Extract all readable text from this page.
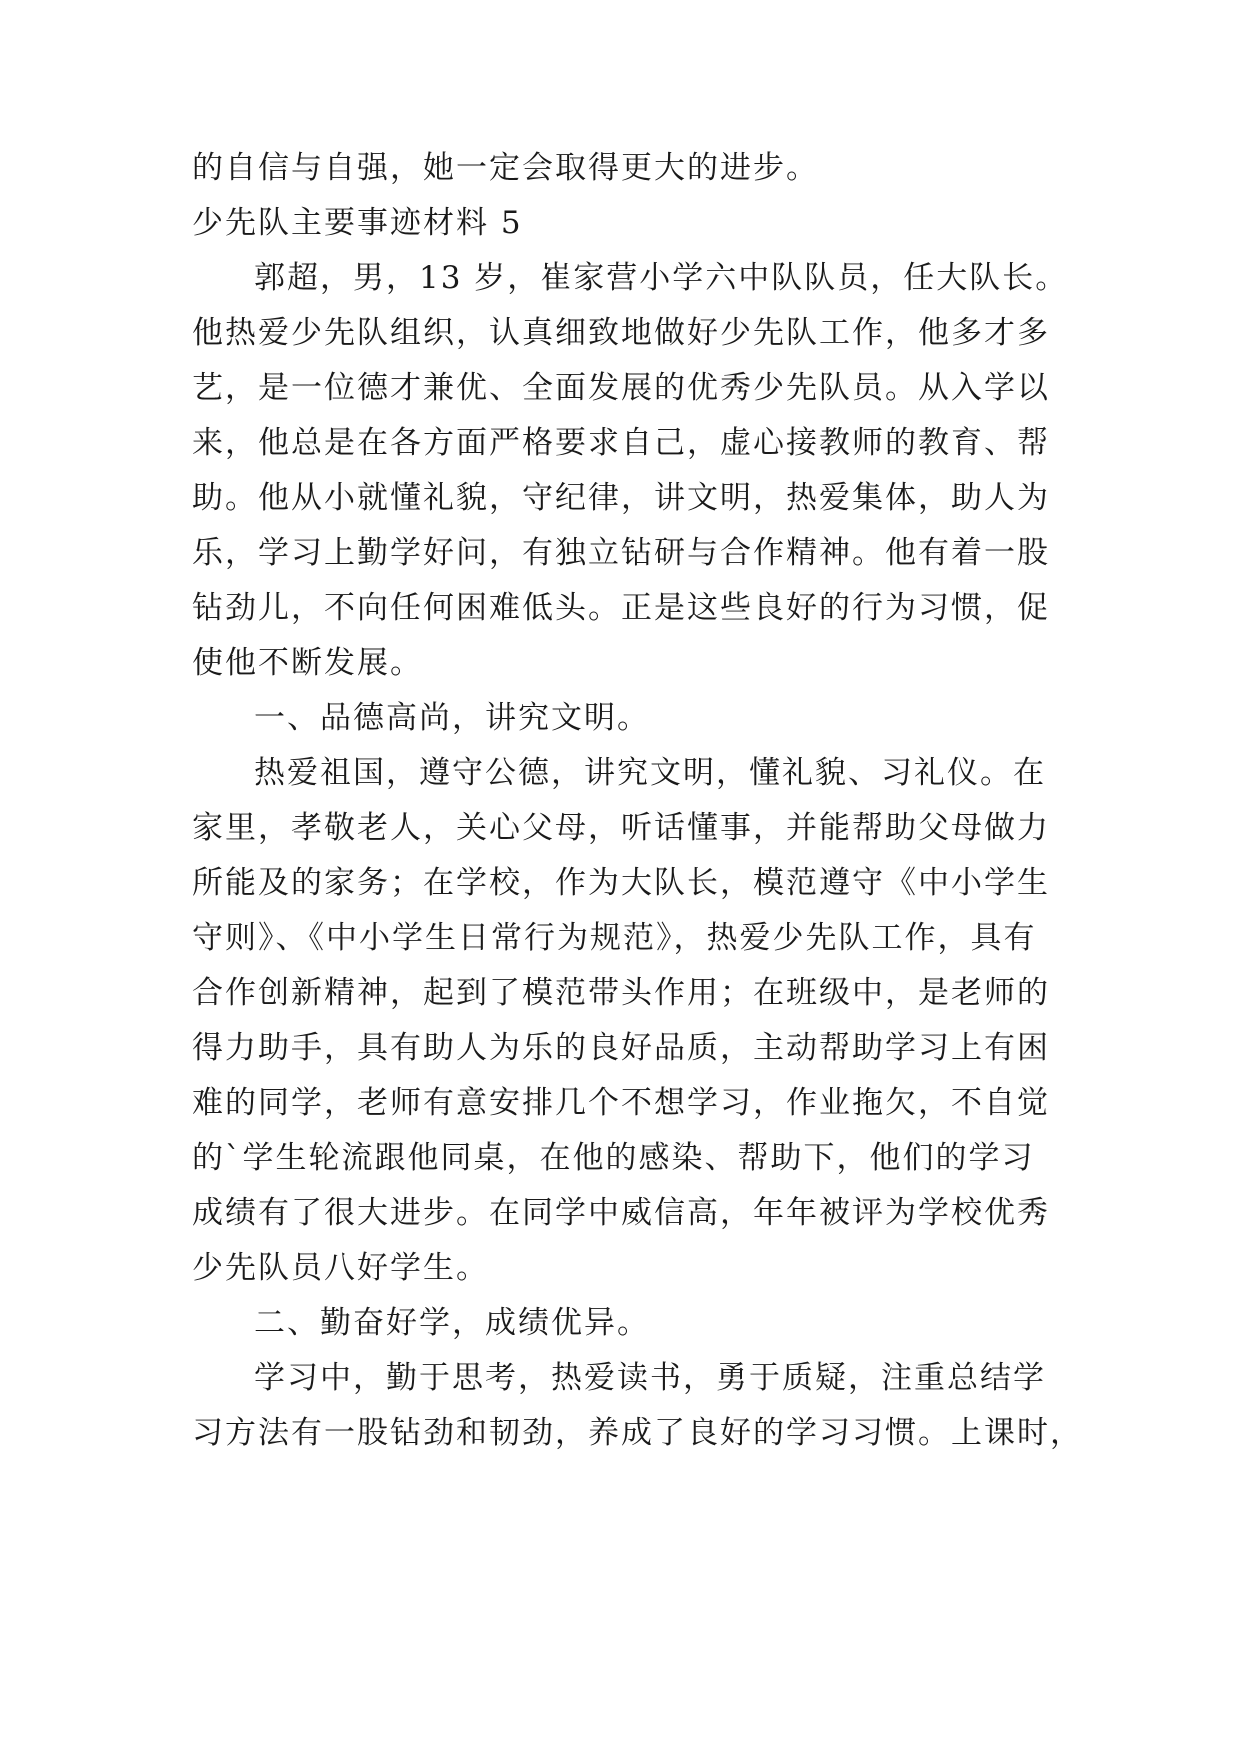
的自信与自强，她一定会取得更大的进步。
少先队主要事迹材料 5
郭超，男，13 岁，崔家营小学六中队队员，任大队长。
他热爱少先队组织，认真细致地做好少先队工作，他多才多
艺，是一位德才兼优、全面发展的优秀少先队员。从入学以
来，他总是在各方面严格要求自己，虚心接教师的教育、帮
助。他从小就懂礼貌，守纪律，讲文明，热爱集体，助人为
乐，学习上勤学好问，有独立钻研与合作精神。他有着一股
钻劲儿，不向任何困难低头。正是这些良好的行为习惯，促
使他不断发展。
一、品德高尚，讲究文明。
热爱祖国，遵守公德，讲究文明，懂礼貌、习礼仪。在
家里，孝敬老人，关心父母，听话懂事，并能帮助父母做力
所能及的家务；在学校，作为大队长，模范遵守《中小学生
守则》、《中小学生日常行为规范》，热爱少先队工作，具有
合作创新精神，起到了模范带头作用；在班级中，是老师的
得力助手，具有助人为乐的良好品质，主动帮助学习上有困
难的同学，老师有意安排几个不想学习，作业拖欠，不自觉
的`学生轮流跟他同桌，在他的感染、帮助下，他们的学习
成绩有了很大进步。在同学中威信高，年年被评为学校优秀
少先队员八好学生。
二、勤奋好学，成绩优异。
学习中，勤于思考，热爱读书，勇于质疑，注重总结学
习方法有一股钻劲和韧劲，养成了良好的学习习惯。上课时，
